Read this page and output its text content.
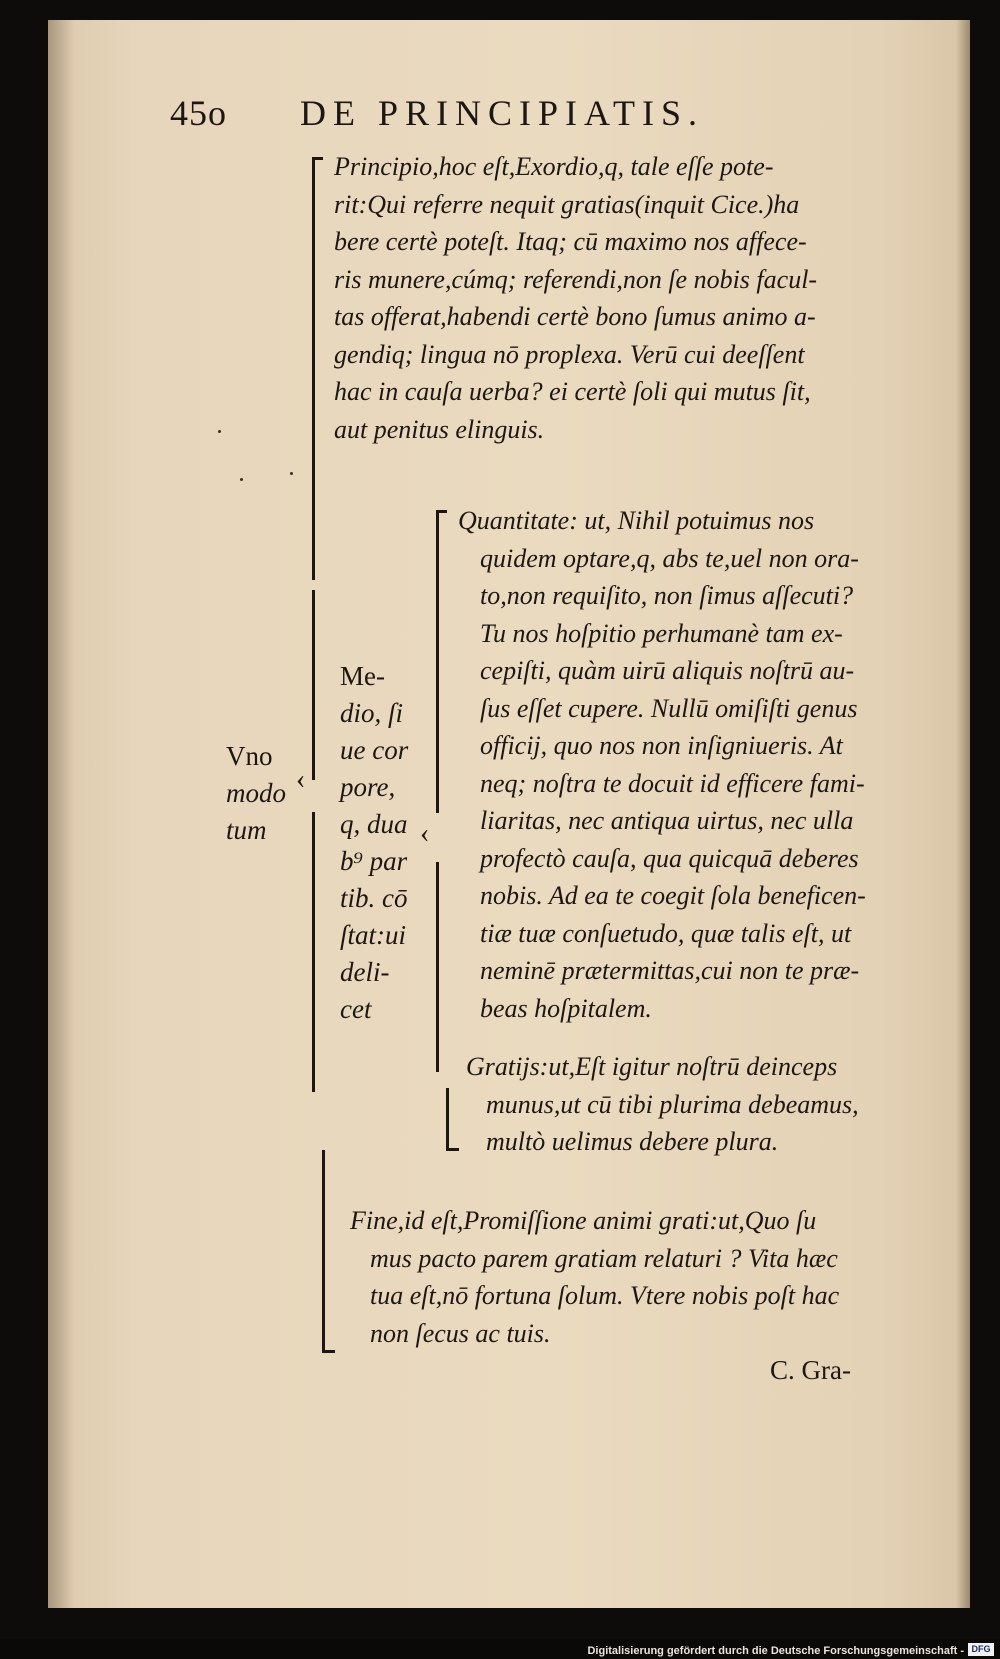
45o DE PRINCIPIATIS.
‹
Vno
modo
tum

Principio,hoc eſt,Exordio,q, tale eſſe pote-

rit:Qui referre nequit gratias(inquit Cice.)ha

bere certè poteſt. Itaq; cū maximo nos affece-

ris munere,cúmq; referendi,non ſe nobis facul-

tas offerat,habendi certè bono ſumus animo a-

gendiq; lingua nō proplexa. Verū cui deeſſent

hac in cauſa uerba? ei certè ſoli qui mutus ſit,

aut penitus elinguis.

Me-
dio, ſi
ue cor
pore,
q, dua
b⁹ par
tib. cō
ſtat:ui
deli-
cet
‹

Quantitate: ut, Nihil potuimus nos

quidem optare,q, abs te,uel non ora-

to,non requiſito, non ſimus aſſecuti?

Tu nos hoſpitio perhumanè tam ex-

cepiſti, quàm uirū aliquis noſtrū au-

ſus eſſet cupere. Nullū omiſiſti genus

officij, quo nos non inſigniueris. At

neq; noſtra te docuit id efficere fami-

liaritas, nec antiqua uirtus, nec ulla

profectò cauſa, qua quicquā deberes

nobis. Ad ea te coegit ſola beneficen-

tiæ tuæ conſuetudo, quæ talis eſt, ut

neminē prætermittas,cui non te præ-

beas hoſpitalem.

Gratijs:ut,Eſt igitur noſtrū deinceps

munus,ut cū tibi plurima debeamus,

multò uelimus debere plura.

Fine,id eſt,Promiſſione animi grati:ut,Quo ſu

mus pacto parem gratiam relaturi ? Vita hæc

tua eſt,nō fortuna ſolum. Vtere nobis poſt hac

non ſecus ac tuis.

C. Gra-
Digitalisierung gefördert durch die Deutsche Forschungsgemeinschaft - DFG
